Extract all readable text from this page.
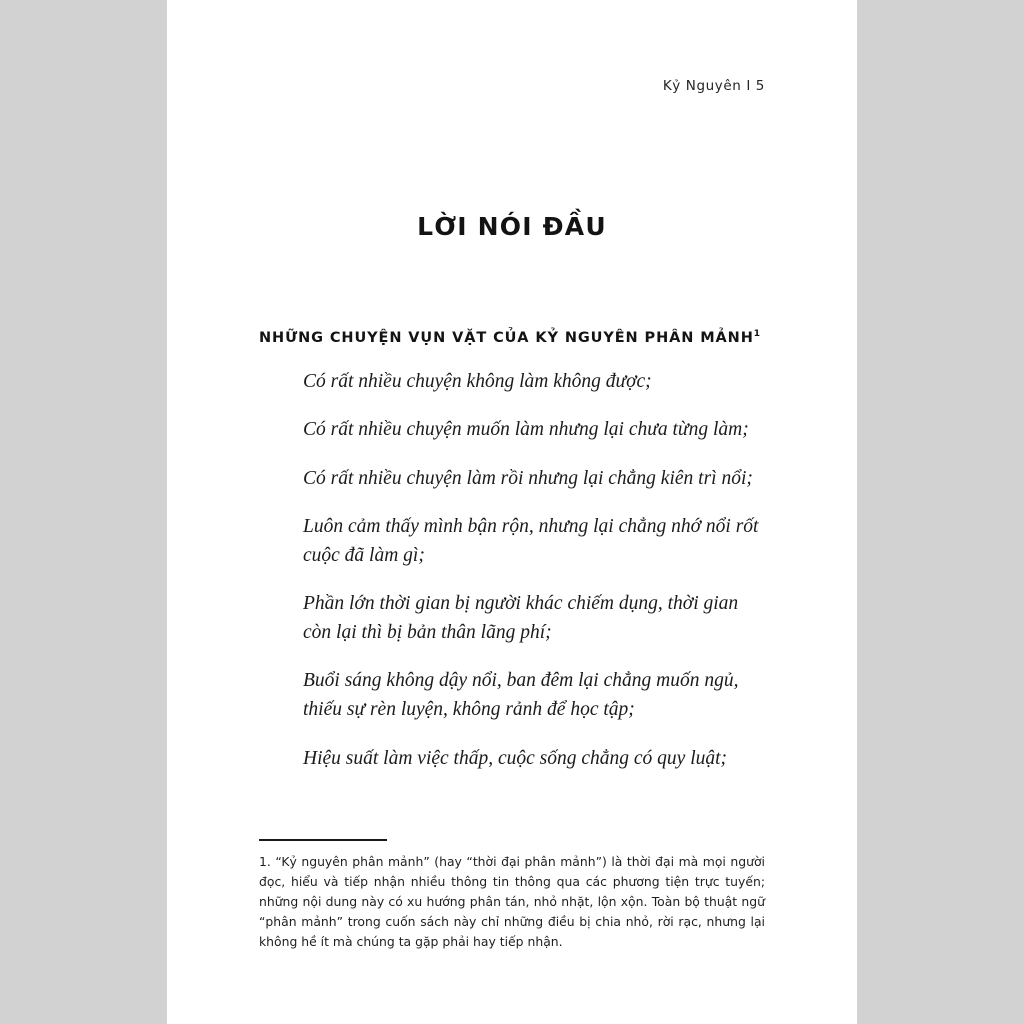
Kỷ Nguyên I 5
LỜI NÓI ĐẦU
NHỮNG CHUYỆN VỤN VẶT CỦA KỶ NGUYÊN PHÂN MẢNH$^1$

Có rất nhiều chuyện không làm không được;

Có rất nhiều chuyện muốn làm nhưng lại chưa từng làm;

Có rất nhiều chuyện làm rồi nhưng lại chẳng kiên trì nổi;

Luôn cảm thấy mình bận rộn, nhưng lại chẳng nhớ nổi rốt cuộc đã làm gì;

Phần lớn thời gian bị người khác chiếm dụng, thời gian còn lại thì bị bản thân lãng phí;

Buổi sáng không dậy nổi, ban đêm lại chẳng muốn ngủ, thiếu sự rèn luyện, không rảnh để học tập;

Hiệu suất làm việc thấp, cuộc sống chẳng có quy luật;

1. “Kỷ nguyên phân mảnh” (hay “thời đại phân mảnh”) là thời đại mà mọi người đọc, hiểu và tiếp nhận nhiều thông tin thông qua các phương tiện trực tuyến; những nội dung này có xu hướng phân tán, nhỏ nhặt, lộn xộn. Toàn bộ thuật ngữ “phân mảnh” trong cuốn sách này chỉ những điều bị chia nhỏ, rời rạc, nhưng lại không hề ít mà chúng ta gặp phải hay tiếp nhận.
